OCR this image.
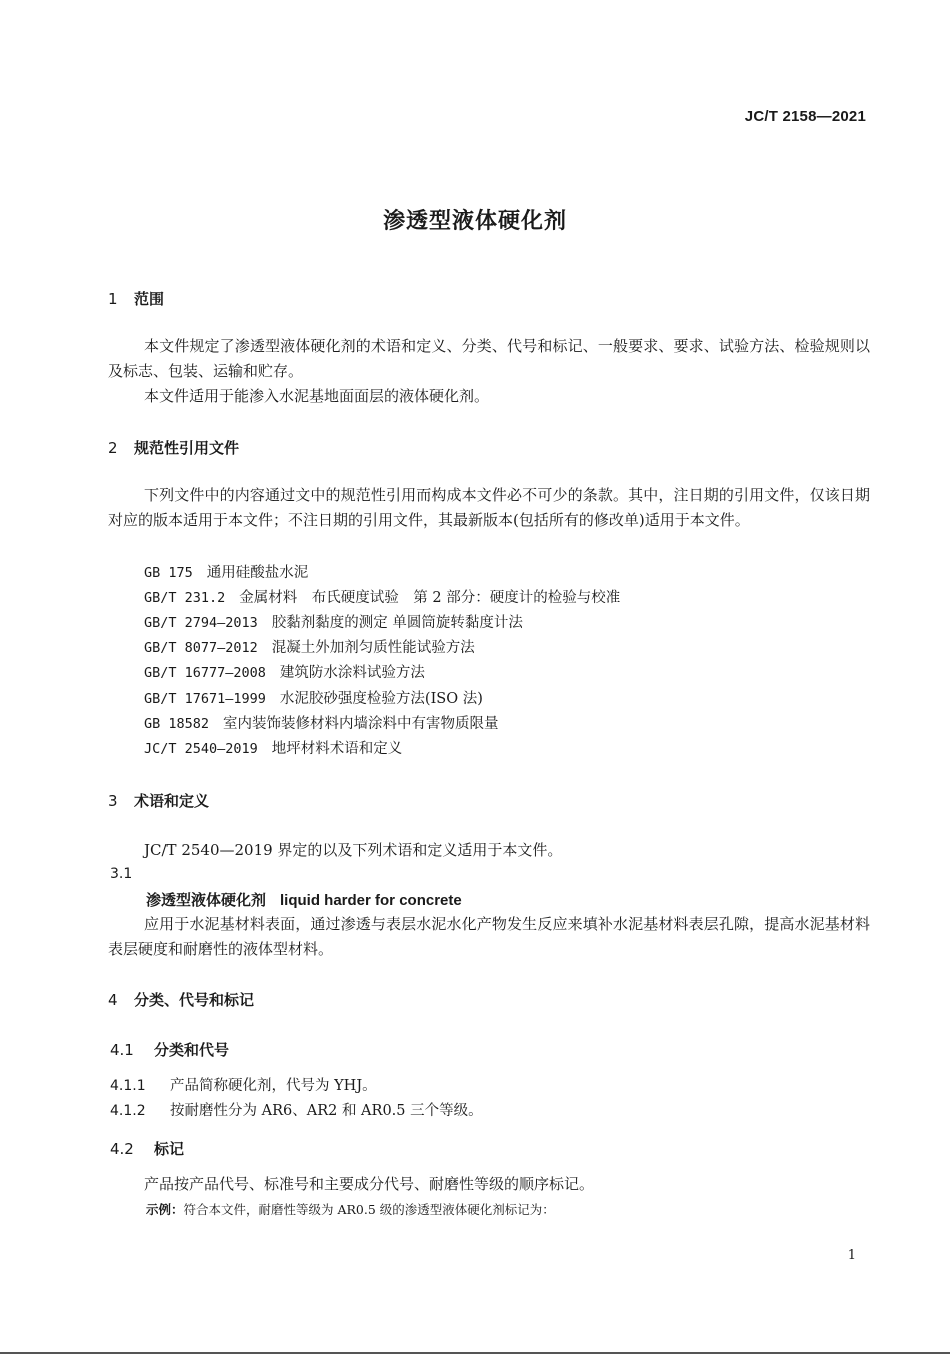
JC/T 2158—2021
渗透型液体硬化剂
1 范围
本文件规定了渗透型液体硬化剂的术语和定义、分类、代号和标记、一般要求、要求、试验方法、检验规则以及标志、包装、运输和贮存。
本文件适用于能渗入水泥基地面面层的液体硬化剂。
2 规范性引用文件
下列文件中的内容通过文中的规范性引用而构成本文件必不可少的条款。其中，注日期的引用文件，仅该日期对应的版本适用于本文件；不注日期的引用文件，其最新版本(包括所有的修改单)适用于本文件。
GB 175 通用硅酸盐水泥
GB/T 231.2 金属材料　布氏硬度试验　第 2 部分：硬度计的检验与校准
GB/T 2794—2013 胶黏剂黏度的测定 单圆筒旋转黏度计法
GB/T 8077—2012 混凝土外加剂匀质性能试验方法
GB/T 16777—2008 建筑防水涂料试验方法
GB/T 17671—1999 水泥胶砂强度检验方法(ISO 法)
GB 18582 室内装饰装修材料内墙涂料中有害物质限量
JC/T 2540—2019 地坪材料术语和定义
3 术语和定义
JC/T 2540—2019 界定的以及下列术语和定义适用于本文件。
3.1
渗透型液体硬化剂 liquid harder for concrete
应用于水泥基材料表面，通过渗透与表层水泥水化产物发生反应来填补水泥基材料表层孔隙，提高水泥基材料表层硬度和耐磨性的液体型材料。
4 分类、代号和标记
4.1 分类和代号
4.1.1 产品简称硬化剂，代号为 YHJ。
4.1.2 按耐磨性分为 AR6、AR2 和 AR0.5 三个等级。
4.2 标记
产品按产品代号、标准号和主要成分代号、耐磨性等级的顺序标记。
示例：符合本文件，耐磨性等级为 AR0.5 级的渗透型液体硬化剂标记为：
1
